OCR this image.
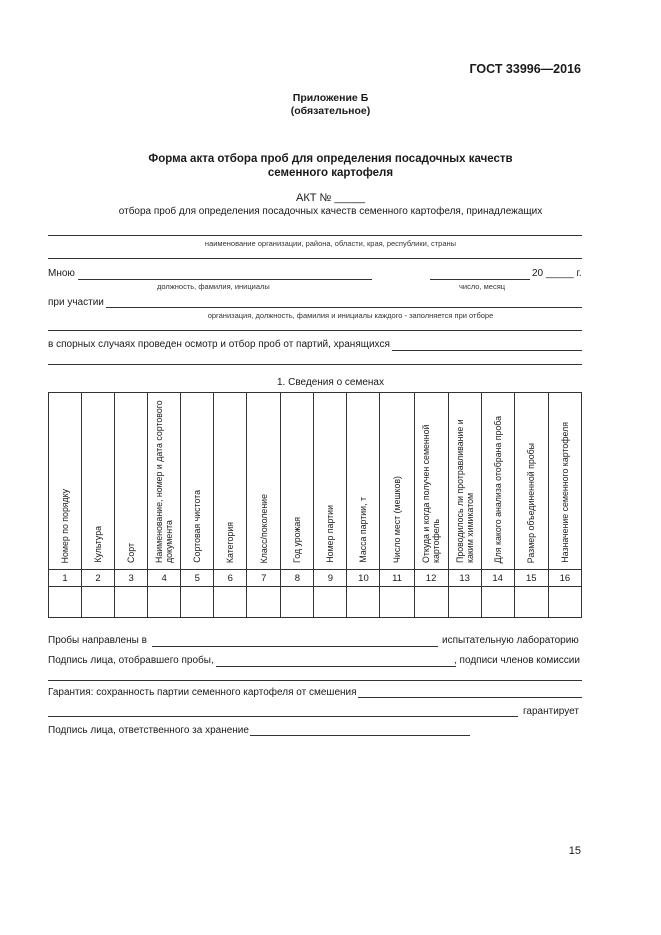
ГОСТ 33996—2016
Приложение Б
(обязательное)
Форма акта отбора проб для определения посадочных качеств
семенного картофеля
АКТ № _____
отбора проб для определения посадочных качеств семенного картофеля, принадлежащих
наименование организации, района, области, края, республики, страны
Мною
должность, фамилия, инициалы
20 _____ г.
число, месяц
при участии
организация, должность, фамилия и инициалы каждого - заполняется при отборе
в спорных случаях проведен осмотр и отбор проб от партий, хранящихся
1. Сведения о семенах
Номер по порядку	Культура	Сорт	Наименование, номер и дата сортового документа	Сортовая чистота	Категория	Класс/поколение	Год урожая	Номер партии	Масса партии, т	Число мест (мешков)	Откуда и когда получен семенной картофель	Проводилось ли протравливание и каким химикатом	Для какого анализа отобрана проба	Размер объединенной пробы	Назначение семенного картофеля

1	2	3	4	5	6	7	8	9	10	11	12	13	14	15	16

Пробы направлены в	испытательную лабораторию
Подпись лица, отобравшего пробы,	, подписи членов комиссии
Гарантия: сохранность партии семенного картофеля от смешения
гарантирует
Подпись лица, ответственного за хранение
15
